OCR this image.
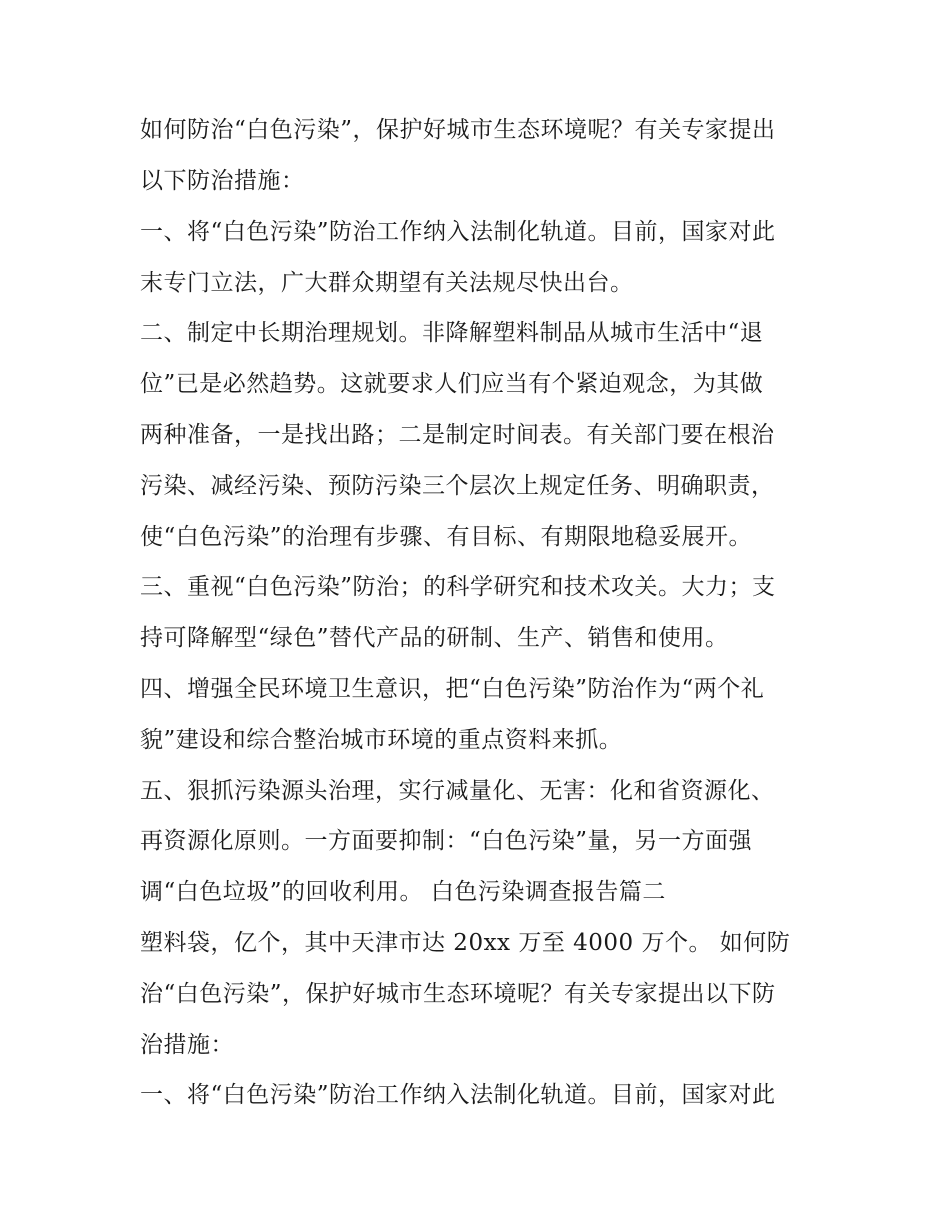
如何防治“白色污染”，保护好城市生态环境呢？有关专家提出
以下防治措施：
一、将“白色污染”防治工作纳入法制化轨道。目前，国家对此
末专门立法，广大群众期望有关法规尽快出台。
二、制定中长期治理规划。非降解塑料制品从城市生活中“退
位”已是必然趋势。这就要求人们应当有个紧迫观念，为其做
两种准备，一是找出路；二是制定时间表。有关部门要在根治
污染、减经污染、预防污染三个层次上规定任务、明确职责，
使“白色污染”的治理有步骤、有目标、有期限地稳妥展开。
三、重视“白色污染”防治；的科学研究和技术攻关。大力；支
持可降解型“绿色”替代产品的研制、生产、销售和使用。
四、增强全民环境卫生意识，把“白色污染”防治作为“两个礼
貌”建设和综合整治城市环境的重点资料来抓。
五、狠抓污染源头治理，实行减量化、无害：化和省资源化、
再资源化原则。一方面要抑制：“白色污染”量，另一方面强
调“白色垃圾”的回收利用。 白色污染调查报告篇二
塑料袋，亿个，其中天津市达 20xx 万至 4000 万个。 如何防
治“白色污染”，保护好城市生态环境呢？有关专家提出以下防
治措施：
一、将“白色污染”防治工作纳入法制化轨道。目前，国家对此
